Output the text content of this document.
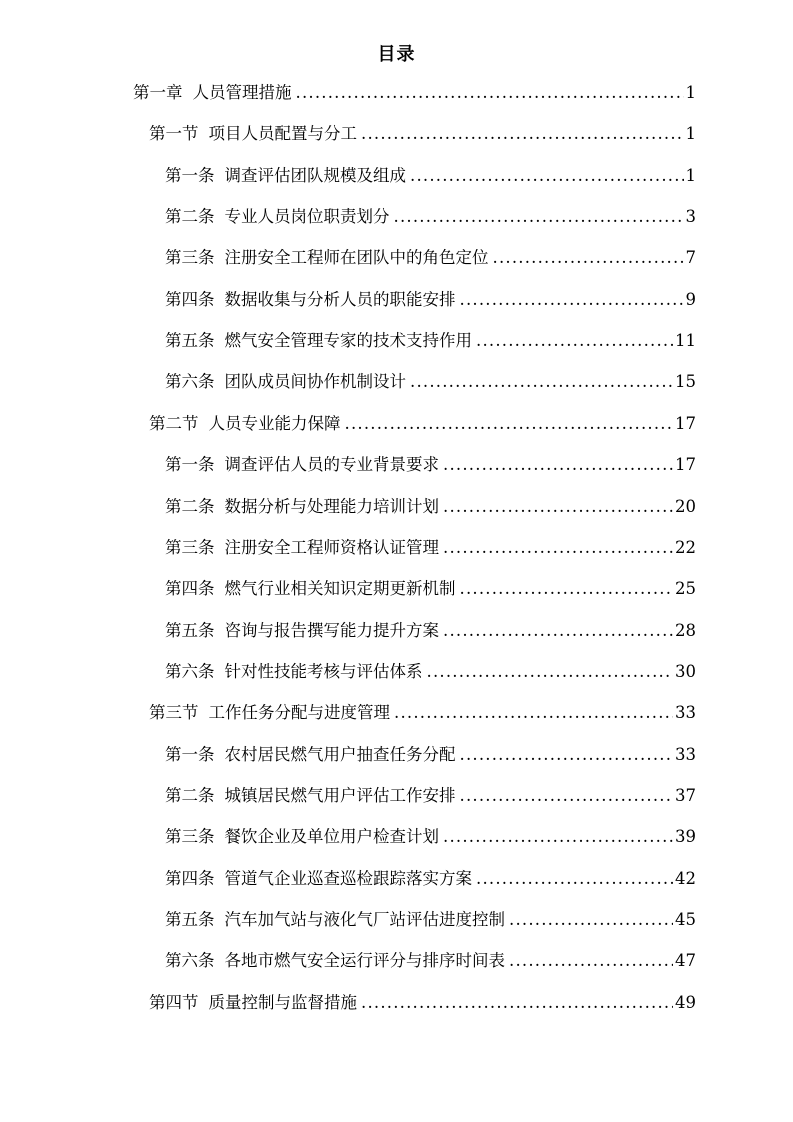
目录
第一章 人员管理措施 .....	1
第一节 项目人员配置与分工 .....	1
第一条 调查评估团队规模及组成 .....	1
第二条 专业人员岗位职责划分 .....	3
第三条 注册安全工程师在团队中的角色定位 .....	7
第四条 数据收集与分析人员的职能安排 .....	9
第五条 燃气安全管理专家的技术支持作用 .....	11
第六条 团队成员间协作机制设计 .....	15
第二节 人员专业能力保障 .....	17
第一条 调查评估人员的专业背景要求 .....	17
第二条 数据分析与处理能力培训计划 .....	20
第三条 注册安全工程师资格认证管理 .....	22
第四条 燃气行业相关知识定期更新机制 .....	25
第五条 咨询与报告撰写能力提升方案 .....	28
第六条 针对性技能考核与评估体系 .....	30
第三节 工作任务分配与进度管理 .....	33
第一条 农村居民燃气用户抽查任务分配 .....	33
第二条 城镇居民燃气用户评估工作安排 .....	37
第三条 餐饮企业及单位用户检查计划 .....	39
第四条 管道气企业巡查巡检跟踪落实方案 .....	42
第五条 汽车加气站与液化气厂站评估进度控制 .....	45
第六条 各地市燃气安全运行评分与排序时间表 .....	47
第四节 质量控制与监督措施 .....	49
